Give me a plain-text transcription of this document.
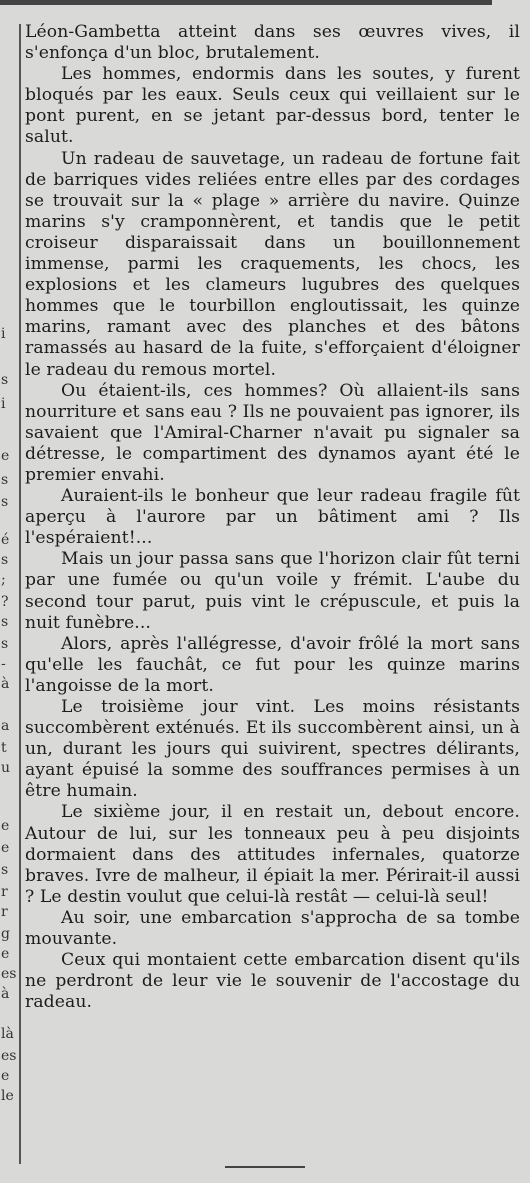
i
s
i
e
s
s
é
s
;
?
s
s
-
à
a
t
u
e
e
s
r
r
g
e
es
à
là
es
e
le

Léon-Gambetta atteint dans ses œuvres vives, il s'enfonça d'un bloc, brutalement.

Les hommes, endormis dans les soutes, y furent bloqués par les eaux. Seuls ceux qui veillaient sur le pont purent, en se jetant par-dessus bord, tenter le salut.

Un radeau de sauvetage, un radeau de fortune fait de barriques vides reliées entre elles par des cordages se trouvait sur la « plage » arrière du navire. Quinze marins s'y cramponnèrent, et tandis que le petit croiseur disparaissait dans un bouillonnement immense, parmi les craquements, les chocs, les explosions et les clameurs lugubres des quelques hommes que le tourbillon engloutissait, les quinze marins, ramant avec des planches et des bâtons ramassés au hasard de la fuite, s'efforçaient d'éloigner le radeau du remous mortel.

Ou étaient-ils, ces hommes? Où allaient-ils sans nourriture et sans eau ? Ils ne pouvaient pas ignorer, ils savaient que l'Amiral-Charner n'avait pu signaler sa détresse, le compartiment des dynamos ayant été le premier envahi.

Auraient-ils le bonheur que leur radeau fragile fût aperçu à l'aurore par un bâtiment ami ? Ils l'espéraient!...

Mais un jour passa sans que l'horizon clair fût terni par une fumée ou qu'un voile y frémit. L'aube du second tour parut, puis vint le crépuscule, et puis la nuit funèbre...

Alors, après l'allégresse, d'avoir frôlé la mort sans qu'elle les fauchât, ce fut pour les quinze marins l'angoisse de la mort.

Le troisième jour vint. Les moins résistants succombèrent exténués. Et ils succombèrent ainsi, un à un, durant les jours qui suivirent, spectres délirants, ayant épuisé la somme des souffrances permises à un être humain.

Le sixième jour, il en restait un, debout encore. Autour de lui, sur les tonneaux peu à peu disjoints dormaient dans des attitudes infernales, quatorze braves. Ivre de malheur, il épiait la mer. Périrait-il aussi ? Le destin voulut que celui-là restât — celui-là seul!

Au soir, une embarcation s'approcha de sa tombe mouvante.

Ceux qui montaient cette embarcation disent qu'ils ne perdront de leur vie le souvenir de l'accostage du radeau.
